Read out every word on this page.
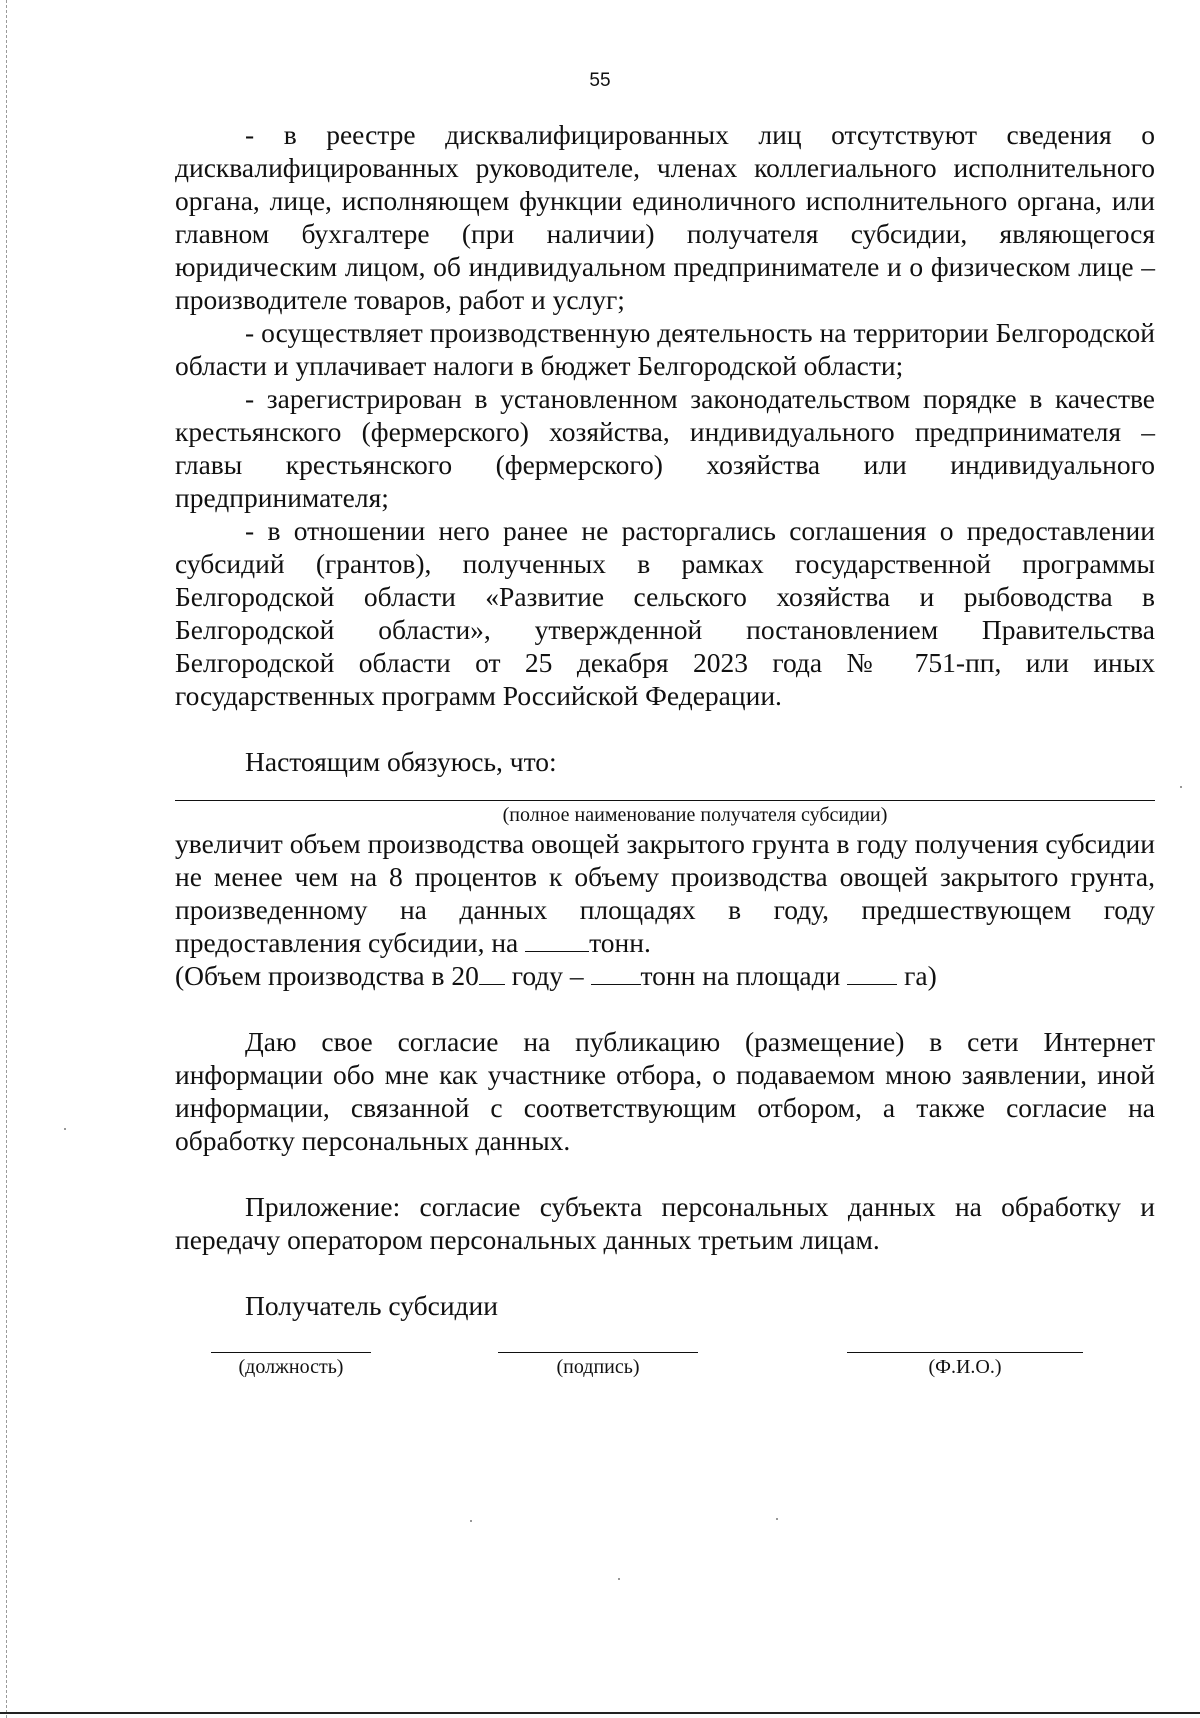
55

- в реестре дисквалифицированных лиц отсутствуют сведения о дисквалифицированных руководителе, членах коллегиального исполнительного органа, лице, исполняющем функции единоличного исполнительного органа, или главном бухгалтере (при наличии) получателя субсидии, являющегося юридическим лицом, об индивидуальном предпринимателе и о физическом лице – производителе товаров, работ и услуг;

- осуществляет производственную деятельность на территории Белгородской области и уплачивает налоги в бюджет Белгородской области;

- зарегистрирован в установленном законодательством порядке в качестве крестьянского (фермерского) хозяйства, индивидуального предпринимателя – главы крестьянского (фермерского) хозяйства или индивидуального предпринимателя;

- в отношении него ранее не расторгались соглашения о предоставлении субсидий (грантов), полученных в рамках государственной программы Белгородской области «Развитие сельского хозяйства и рыбоводства в Белгородской области», утвержденной постановлением Правительства Белгородской области от 25 декабря 2023 года № 751-пп, или иных государственных программ Российской Федерации.

Настоящим обязуюсь, что:

(полное наименование получателя субсидии)

увеличит объем производства овощей закрытого грунта в году получения субсидии не менее чем на 8 процентов к объему производства овощей закрытого грунта, произведенному на данных площадях в году, предшествующем году предоставления субсидии, на	тонн.

(Объем производства в 20 году – тонн на площади  га)

Даю свое согласие на публикацию (размещение) в сети Интернет информации обо мне как участнике отбора, о подаваемом мною заявлении, иной информации, связанной с соответствующим отбором, а также согласие на обработку персональных данных.

Приложение: согласие субъекта персональных данных на обработку и передачу оператором персональных данных третьим лицам.

Получатель субсидии

(должность)	(подпись)	(Ф.И.О.)
